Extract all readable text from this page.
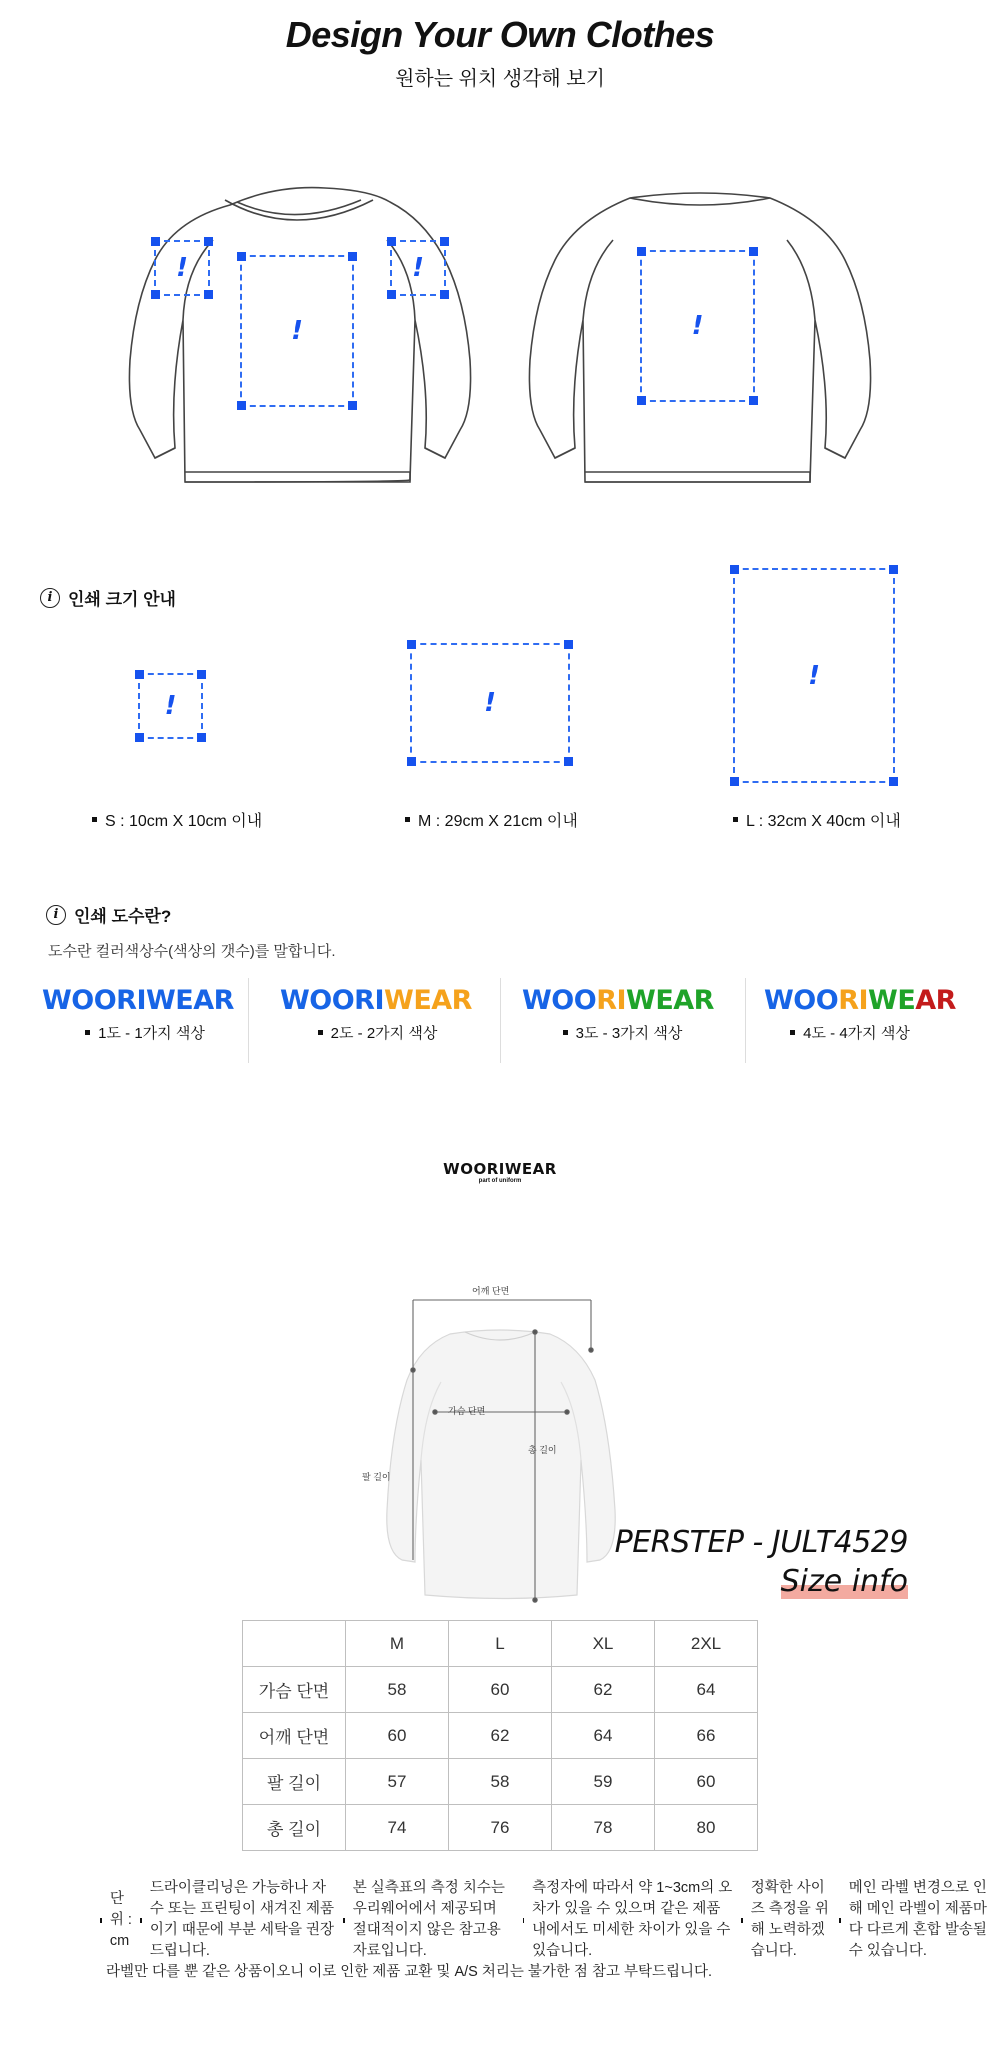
Design Your Own Clothes
원하는 위치 생각해 보기
!
!
!
!
i 인쇄 크기 안내
!	!
!
S : 10cm X 10cm 이내	M : 29cm X 21cm 이내	L : 32cm X 40cm 이내
i 인쇄 도수란?
도수란 컬러색상수(색상의 갯수)를 말합니다.
WOORIWEAR
1도 - 1가지 색상
WOORIWEAR
2도 - 2가지 색상
WOORIWEAR
3도 - 3가지 색상
WOORIWEAR
4도 - 4가지 색상
WOORIWEAR
part of uniform
어깨 단면
가슴 단면
총 길이
팔 길이
PERSTEP - JULT4529
Size info
	M	L	XL	2XL
가슴 단면	58	60	62	64
어깨 단면	60	62	64	66
팔 길이	57	58	59	60
총 길이	74	76	78	80
단위 : cm
드라이클리닝은 가능하나 자수 또는 프린팅이 새겨진 제품이기 때문에 부분 세탁을 권장드립니다.
본 실측표의 측정 치수는 우리웨어에서 제공되며 절대적이지 않은 참고용 자료입니다.
측정자에 따라서 약 1~3cm의 오차가 있을 수 있으며 같은 제품 내에서도 미세한 차이가 있을 수 있습니다.
정확한 사이즈 측정을 위해 노력하겠습니다.
메인 라벨 변경으로 인해 메인 라벨이 제품마다 다르게 혼합 발송될 수 있습니다.
라벨만 다를 뿐 같은 상품이오니 이로 인한 제품 교환 및 A/S 처리는 불가한 점 참고 부탁드립니다.
